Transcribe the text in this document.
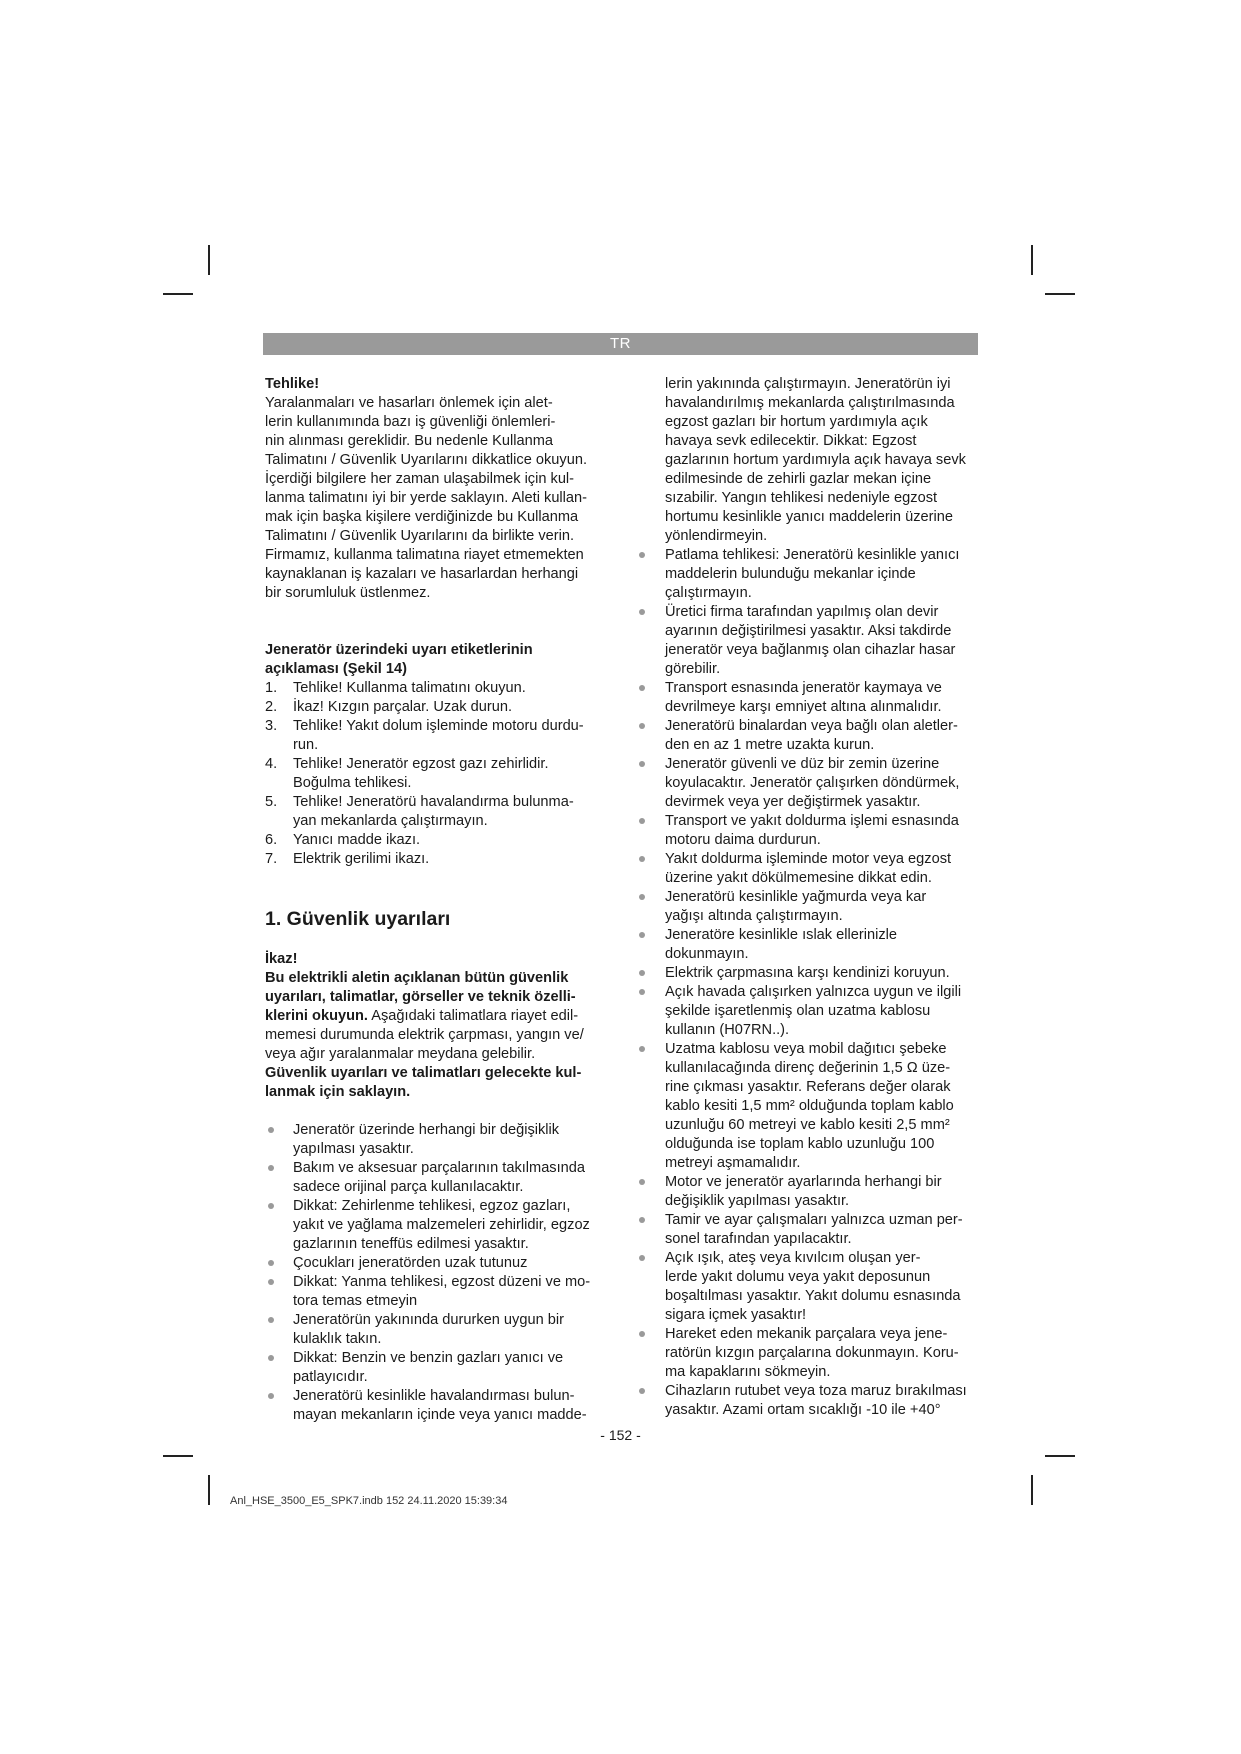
TR

Tehlike!

Yaralanmaları ve hasarları önlemek için alet-

lerin kullanımında bazı iş güvenliği önlemleri-

nin alınması gereklidir. Bu nedenle Kullanma

Talimatını / Güvenlik Uyarılarını dikkatlice okuyun.

İçerdiği bilgilere her zaman ulaşabilmek için kul-

lanma talimatını iyi bir yerde saklayın. Aleti kullan-

mak için başka kişilere verdiğinizde bu Kullanma

Talimatını / Güvenlik Uyarılarını da birlikte verin.

Firmamız, kullanma talimatına riayet etmemekten

kaynaklanan iş kazaları ve hasarlardan herhangi

bir sorumluluk üstlenmez.

Jeneratör üzerindeki uyarı etiketlerinin

açıklaması (Şekil 14)

1. Tehlike! Kullanma talimatını okuyun.

2. İkaz! Kızgın parçalar. Uzak durun.

3. Tehlike! Yakıt dolum işleminde motoru durdu-

run.

4. Tehlike! Jeneratör egzost gazı zehirlidir.

Boğulma tehlikesi.

5. Tehlike! Jeneratörü havalandırma bulunma-

yan mekanlarda çalıştırmayın.

6. Yanıcı madde ikazı.

7. Elektrik gerilimi ikazı.

1. Güvenlik uyarıları

İkaz!

Bu elektrikli aletin açıklanan bütün güvenlik

uyarıları, talimatlar, görseller ve teknik özelli-

klerini okuyun. Aşağıdaki talimatlara riayet edil-

memesi durumunda elektrik çarpması, yangın ve/

veya ağır yaralanmalar meydana gelebilir.

Güvenlik uyarıları ve talimatları gelecekte kul-

lanmak için saklayın.

Jeneratör üzerinde herhangi bir değişiklik

yapılması yasaktır.

Bakım ve aksesuar parçalarının takılmasında

sadece orijinal parça kullanılacaktır.

Dikkat: Zehirlenme tehlikesi, egzoz gazları,

yakıt ve yağlama malzemeleri zehirlidir, egzoz

gazlarının teneffüs edilmesi yasaktır.

Çocukları jeneratörden uzak tutunuz

Dikkat: Yanma tehlikesi, egzost düzeni ve mo-

tora temas etmeyin

Jeneratörün yakınında dururken uygun bir

kulaklık takın.

Dikkat: Benzin ve benzin gazları yanıcı ve

patlayıcıdır.

Jeneratörü kesinlikle havalandırması bulun-

mayan mekanların içinde veya yanıcı madde-

lerin yakınında çalıştırmayın. Jeneratörün iyi

havalandırılmış mekanlarda çalıştırılmasında

egzost gazları bir hortum yardımıyla açık

havaya sevk edilecektir. Dikkat: Egzost

gazlarının hortum yardımıyla açık havaya sevk

edilmesinde de zehirli gazlar mekan içine

sızabilir. Yangın tehlikesi nedeniyle egzost

hortumu kesinlikle yanıcı maddelerin üzerine

yönlendirmeyin.

Patlama tehlikesi: Jeneratörü kesinlikle yanıcı

maddelerin bulunduğu mekanlar içinde

çalıştırmayın.

Üretici firma tarafından yapılmış olan devir

ayarının değiştirilmesi yasaktır. Aksi takdirde

jeneratör veya bağlanmış olan cihazlar hasar

görebilir.

Transport esnasında jeneratör kaymaya ve

devrilmeye karşı emniyet altına alınmalıdır.

Jeneratörü binalardan veya bağlı olan aletler-

den en az 1 metre uzakta kurun.

Jeneratör güvenli ve düz bir zemin üzerine

koyulacaktır. Jeneratör çalışırken döndürmek,

devirmek veya yer değiştirmek yasaktır.

Transport ve yakıt doldurma işlemi esnasında

motoru daima durdurun.

Yakıt doldurma işleminde motor veya egzost

üzerine yakıt dökülmemesine dikkat edin.

Jeneratörü kesinlikle yağmurda veya kar

yağışı altında çalıştırmayın.

Jeneratöre kesinlikle ıslak ellerinizle

dokunmayın.

Elektrik çarpmasına karşı kendinizi koruyun.

Açık havada çalışırken yalnızca uygun ve ilgili

şekilde işaretlenmiş olan uzatma kablosu

kullanın (H07RN..).

Uzatma kablosu veya mobil dağıtıcı şebeke

kullanılacağında direnç değerinin 1,5 Ω üze-

rine çıkması yasaktır. Referans değer olarak

kablo kesiti 1,5 mm² olduğunda toplam kablo

uzunluğu 60 metreyi ve kablo kesiti 2,5 mm²

olduğunda ise toplam kablo uzunluğu 100

metreyi aşmamalıdır.

Motor ve jeneratör ayarlarında herhangi bir

değişiklik yapılması yasaktır.

Tamir ve ayar çalışmaları yalnızca uzman per-

sonel tarafından yapılacaktır.

Açık ışık, ateş veya kıvılcım oluşan yer-

lerde yakıt dolumu veya yakıt deposunun

boşaltılması yasaktır. Yakıt dolumu esnasında

sigara içmek yasaktır!

Hareket eden mekanik parçalara veya jene-

ratörün kızgın parçalarına dokunmayın. Koru-

ma kapaklarını sökmeyin.

Cihazların rutubet veya toza maruz bırakılması

yasaktır. Azami ortam sıcaklığı -10 ile +40°

- 152 -
Anl_HSE_3500_E5_SPK7.indb 152 24.11.2020 15:39:34
